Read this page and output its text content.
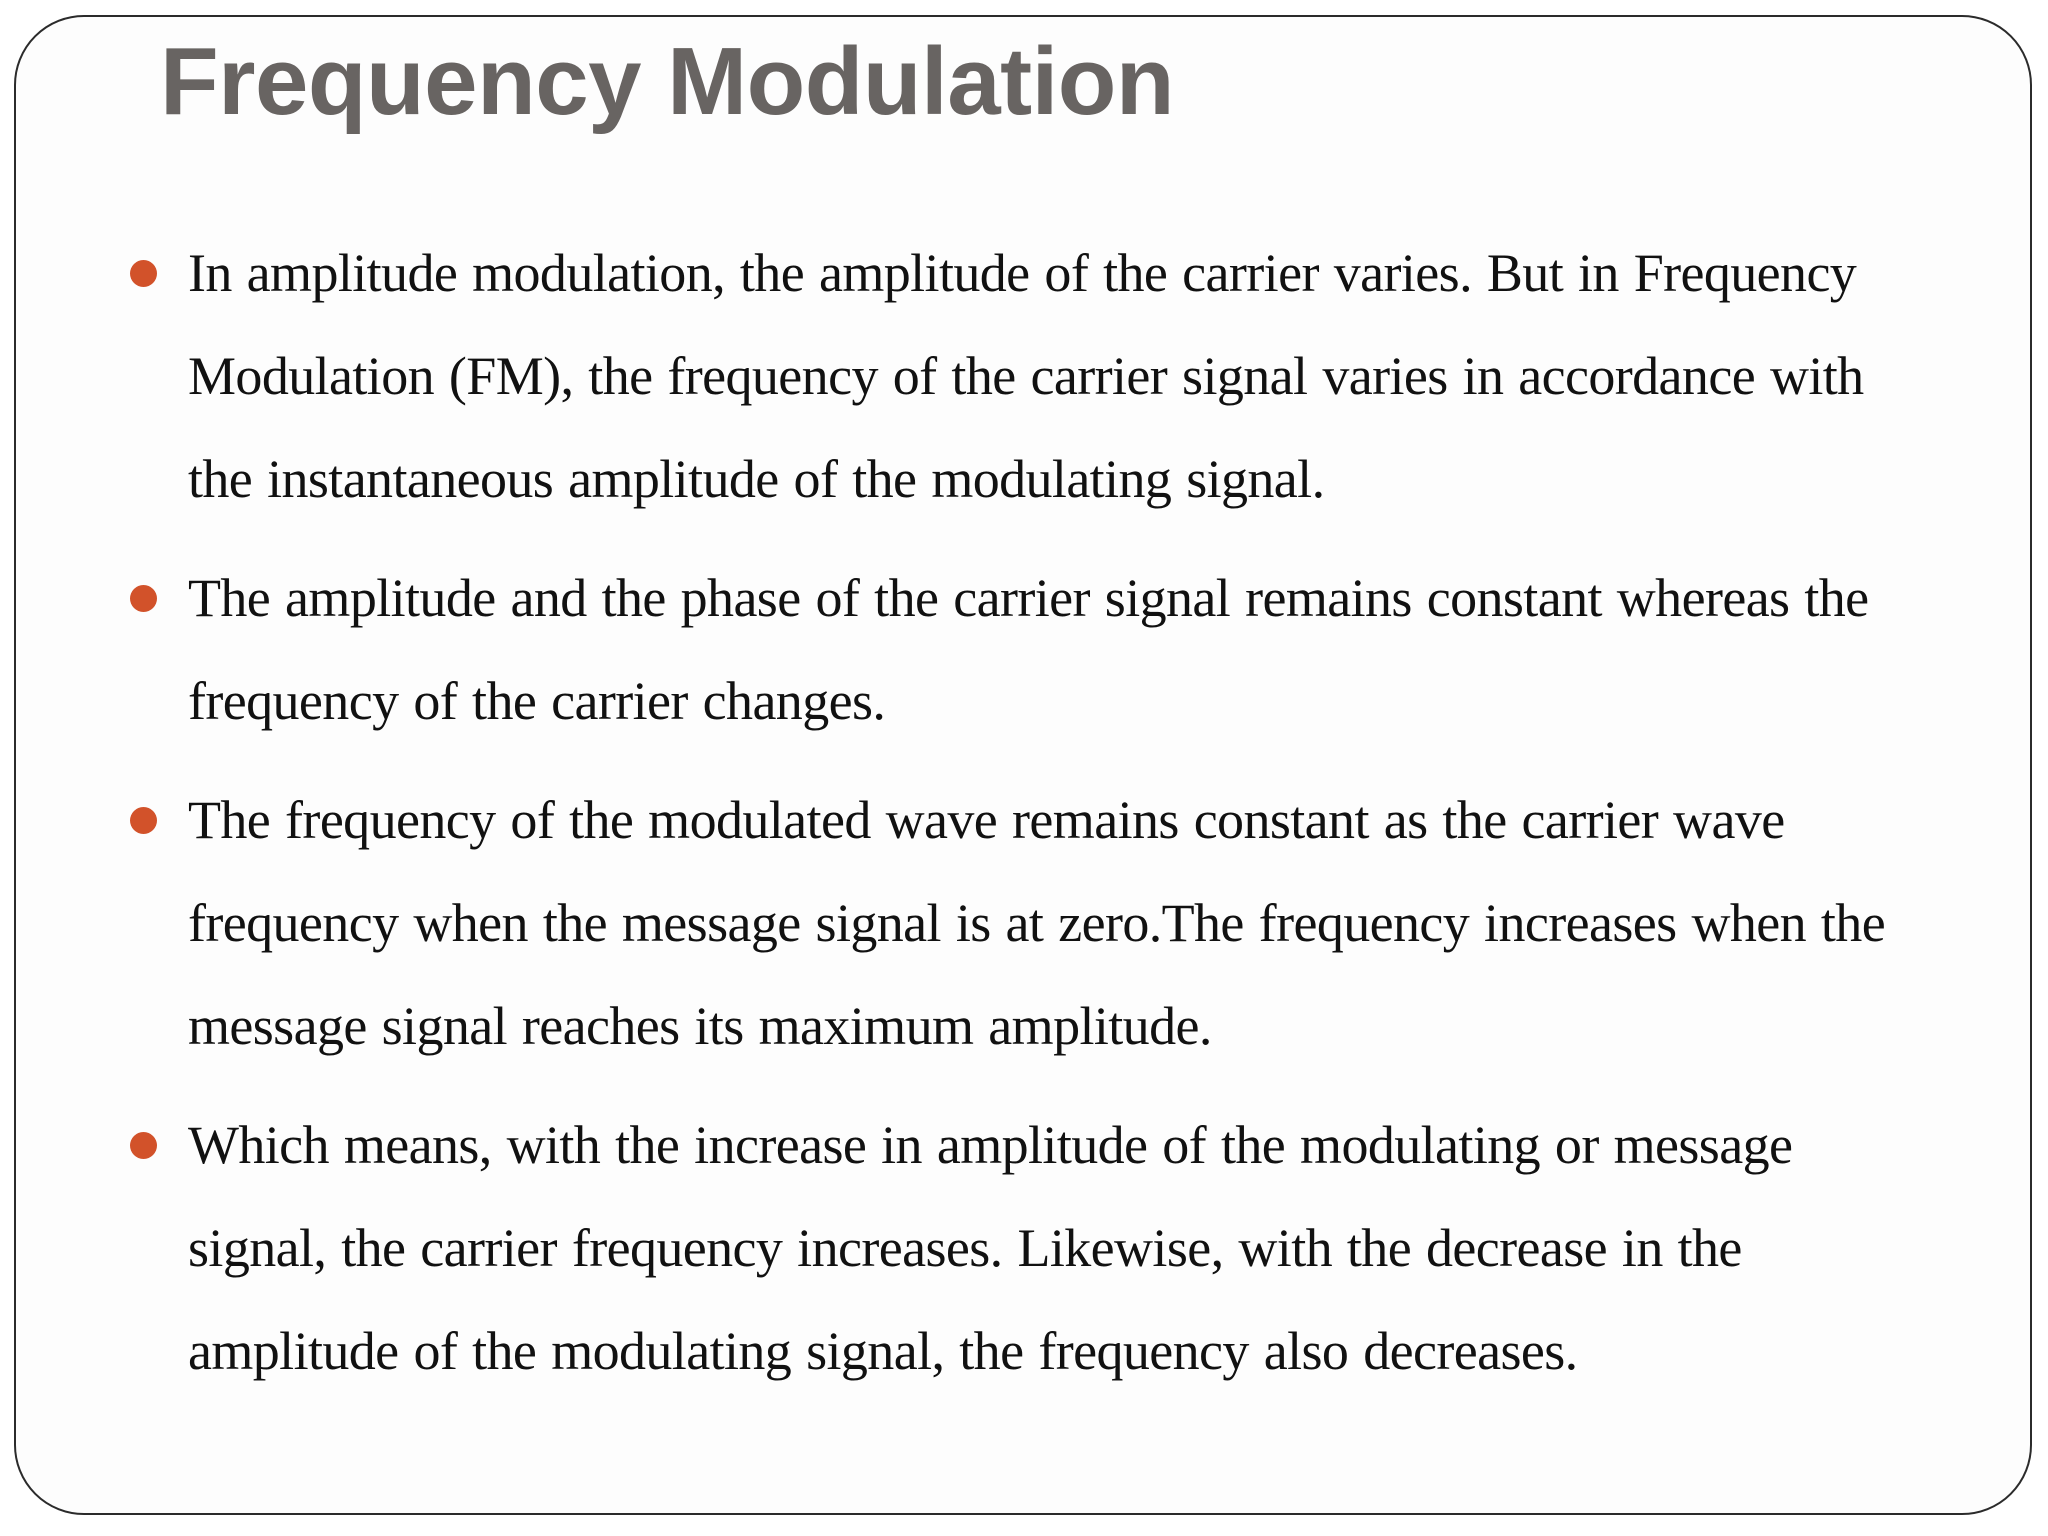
Frequency Modulation
In amplitude modulation, the amplitude of the carrier varies. But in Frequency Modulation (FM), the frequency of the carrier signal varies in accordance with the instantaneous amplitude of the modulating signal.
The amplitude and the phase of the carrier signal remains constant whereas the frequency of the carrier changes.
The frequency of the modulated wave remains constant as the carrier wave frequency when the message signal is at zero.The frequency increases when the message signal reaches its maximum amplitude.
Which means, with the increase in amplitude of the modulating or message signal, the carrier frequency increases. Likewise, with the decrease in the amplitude of the modulating signal, the frequency also decreases.
